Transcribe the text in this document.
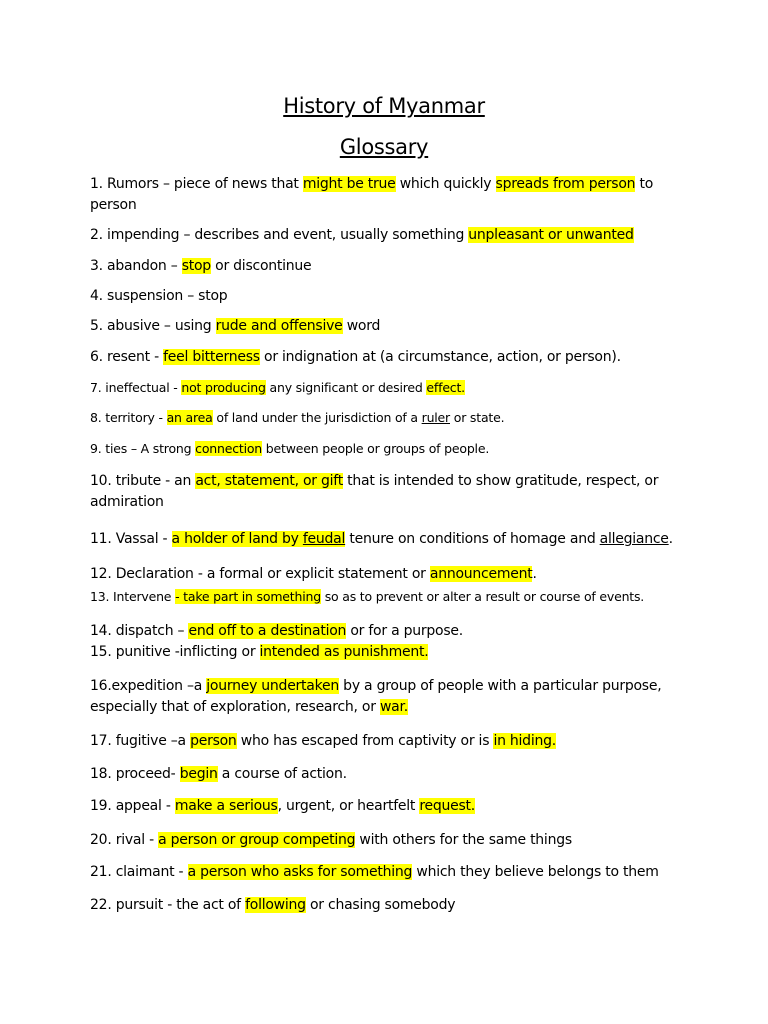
History of Myanmar
Glossary
1. Rumors – piece of news that might be true which quickly spreads from person to person
2. impending – describes and event, usually something unpleasant or unwanted
3. abandon – stop or discontinue
4. suspension – stop
5. abusive – using rude and offensive word
6. resent - feel bitterness or indignation at (a circumstance, action, or person).
7. ineffectual - not producing any significant or desired effect.
8. territory - an area of land under the jurisdiction of a ruler or state.
9. ties – A strong connection between people or groups of people.
10. tribute - an act, statement, or gift that is intended to show gratitude, respect, or admiration
11. Vassal - a holder of land by feudal tenure on conditions of homage and allegiance.
12. Declaration - a formal or explicit statement or announcement.
13. Intervene - take part in something so as to prevent or alter a result or course of events.
14. dispatch – end off to a destination or for a purpose.
15. punitive -inflicting or intended as punishment.
16.expedition –a journey undertaken by a group of people with a particular purpose, especially that of exploration, research, or war.
17. fugitive –a person who has escaped from captivity or is in hiding.
18. proceed- begin a course of action.
19. appeal - make a serious, urgent, or heartfelt request.
20. rival - a person or group competing with others for the same things
21. claimant - a person who asks for something which they believe belongs to them
22. pursuit - the act of following or chasing somebody
